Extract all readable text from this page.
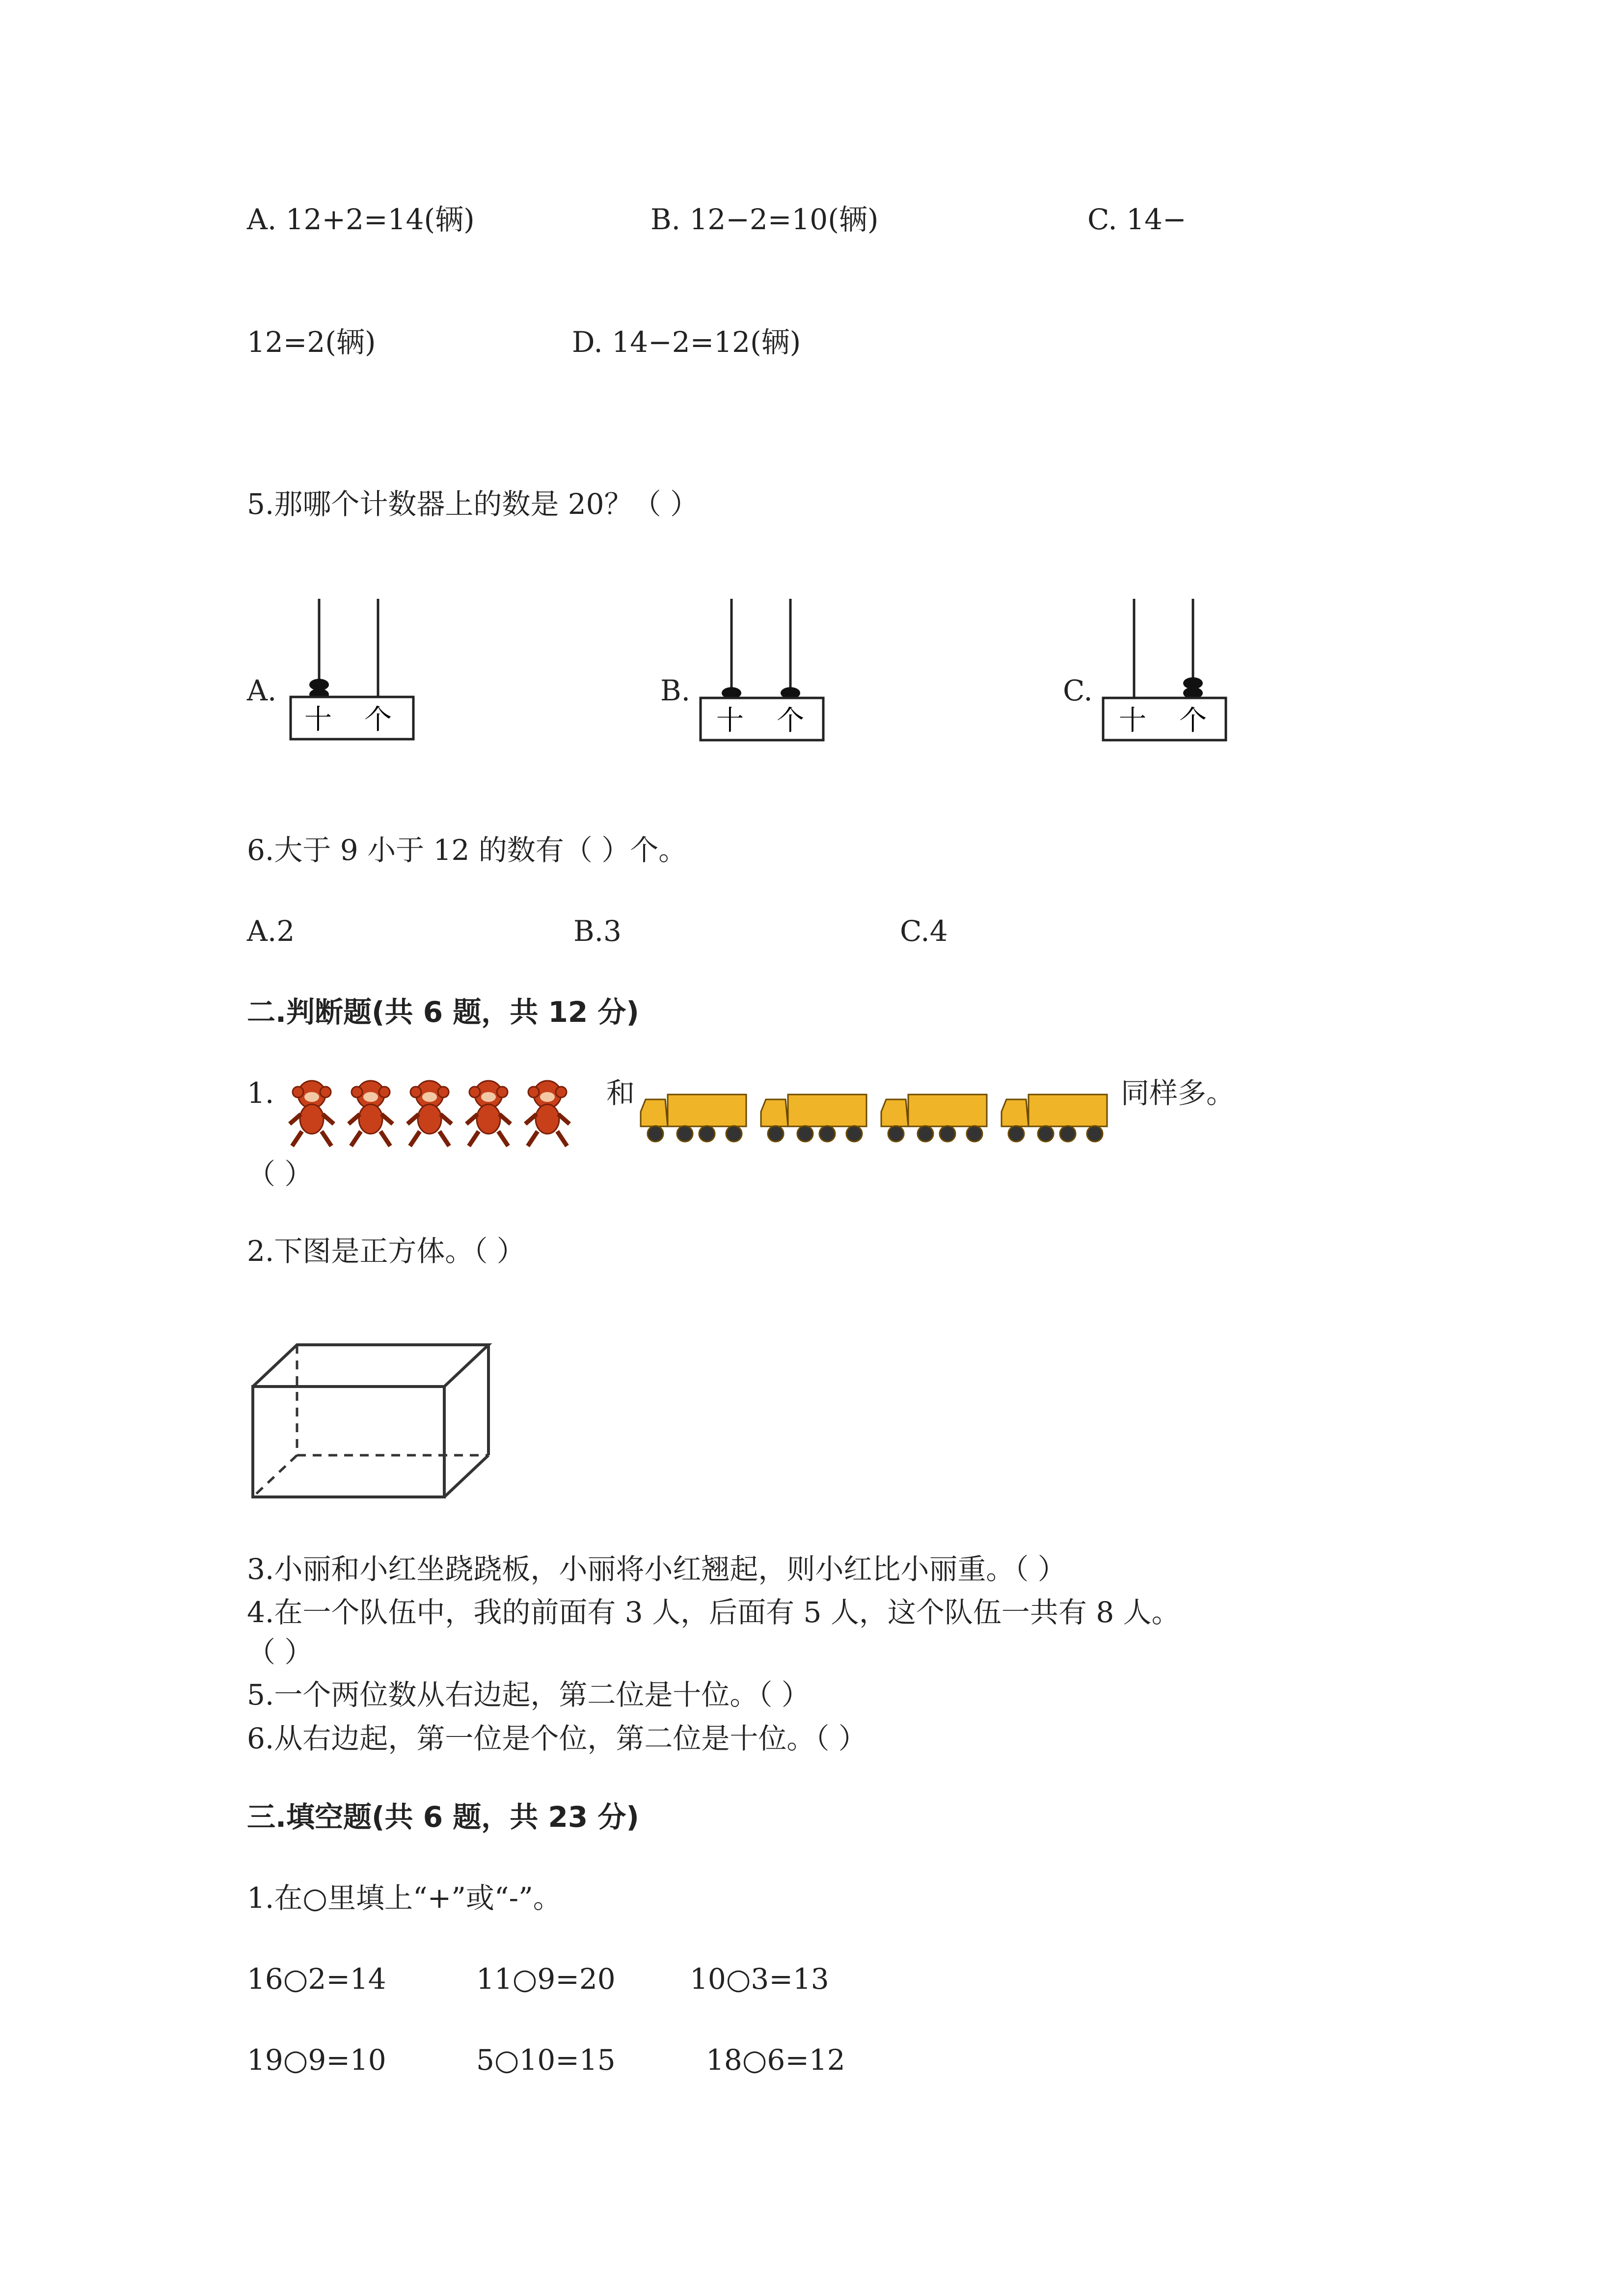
A. 12+2=14(辆)	B. 12−2=10(辆)	C. 14−
12=2(辆)	D. 14−2=12(辆)
5.那哪个计数器上的数是 20？（ ）
A.
十 个
B.
十 个
C.
十 个
6.大于 9 小于 12 的数有（ ）个。
A.2	B.3	C.4
二.判断题(共 6 题，共 12 分)
1.	和	同样多。
（ ）
2.下图是正方体。（ ）
3.小丽和小红坐跷跷板，小丽将小红翘起，则小红比小丽重。（ ）
4.在一个队伍中，我的前面有 3 人，后面有 5 人，这个队伍一共有 8 人。
（ ）
5.一个两位数从右边起，第二位是十位。（ ）
6.从右边起，第一位是个位，第二位是十位。（ ）
三.填空题(共 6 题，共 23 分)
1.在○里填上“+”或“-”。
16○2=14	11○9=20	10○3=13
19○9=10	5○10=15	18○6=12
